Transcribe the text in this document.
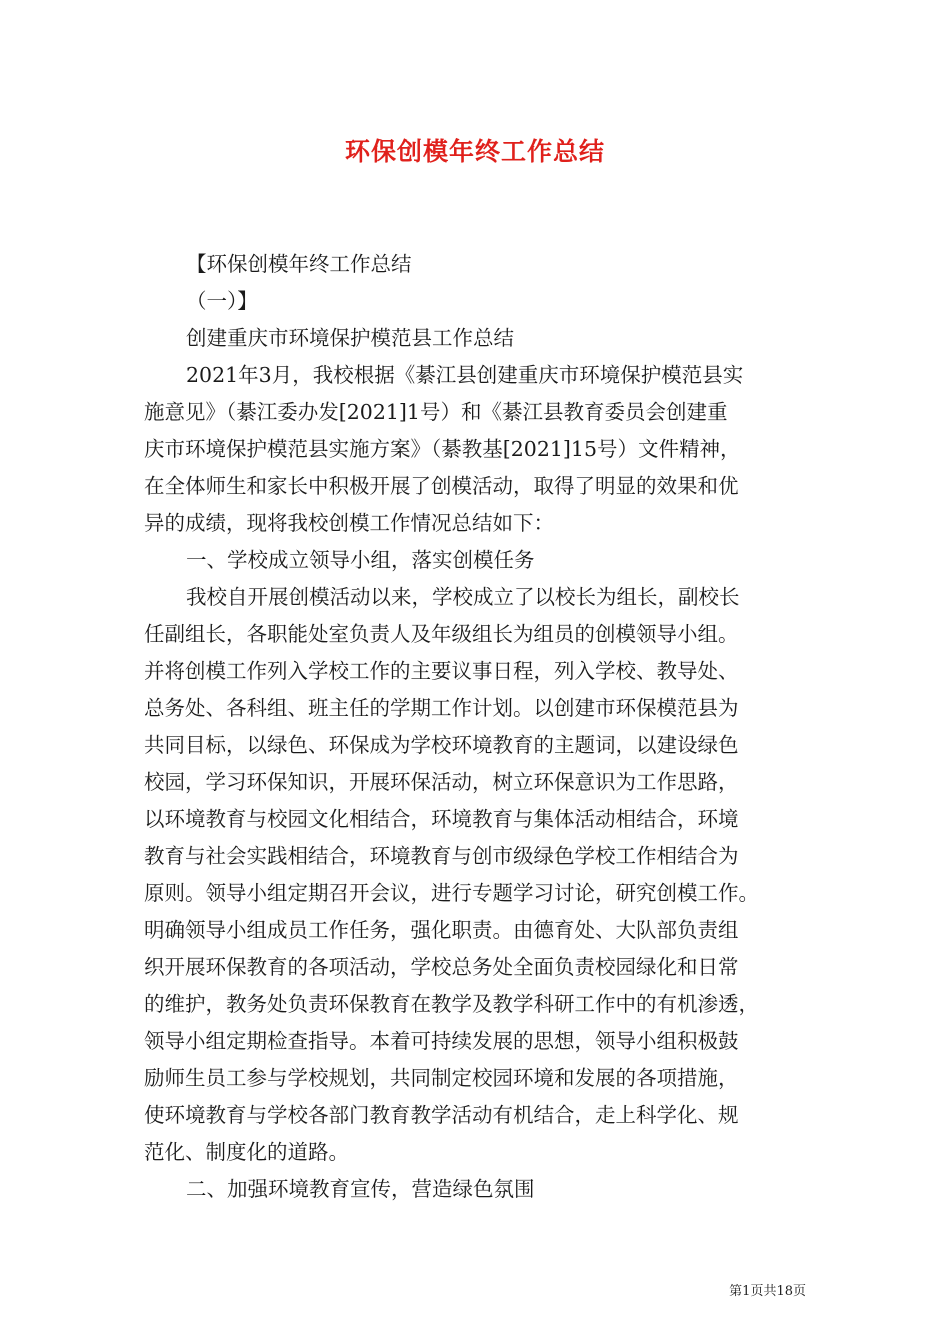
环保创模年终工作总结
【环保创模年终工作总结
（一）】
创建重庆市环境保护模范县工作总结
2021年3月，我校根据《綦江县创建重庆市环境保护模范县实
施意见》（綦江委办发[2021]1号）和《綦江县教育委员会创建重
庆市环境保护模范县实施方案》（綦教基[2021]15号）文件精神，
在全体师生和家长中积极开展了创模活动，取得了明显的效果和优
异的成绩，现将我校创模工作情况总结如下：
一、学校成立领导小组，落实创模任务
我校自开展创模活动以来，学校成立了以校长为组长，副校长
任副组长，各职能处室负责人及年级组长为组员的创模领导小组。
并将创模工作列入学校工作的主要议事日程，列入学校、教导处、
总务处、各科组、班主任的学期工作计划。以创建市环保模范县为
共同目标，以绿色、环保成为学校环境教育的主题词，以建设绿色
校园，学习环保知识，开展环保活动，树立环保意识为工作思路，
以环境教育与校园文化相结合，环境教育与集体活动相结合，环境
教育与社会实践相结合，环境教育与创市级绿色学校工作相结合为
原则。领导小组定期召开会议，进行专题学习讨论，研究创模工作。
明确领导小组成员工作任务，强化职责。由德育处、大队部负责组
织开展环保教育的各项活动，学校总务处全面负责校园绿化和日常
的维护，教务处负责环保教育在教学及教学科研工作中的有机渗透，
领导小组定期检查指导。本着可持续发展的思想，领导小组积极鼓
励师生员工参与学校规划，共同制定校园环境和发展的各项措施，
使环境教育与学校各部门教育教学活动有机结合，走上科学化、规
范化、制度化的道路。
二、加强环境教育宣传，营造绿色氛围
第1页共18页
